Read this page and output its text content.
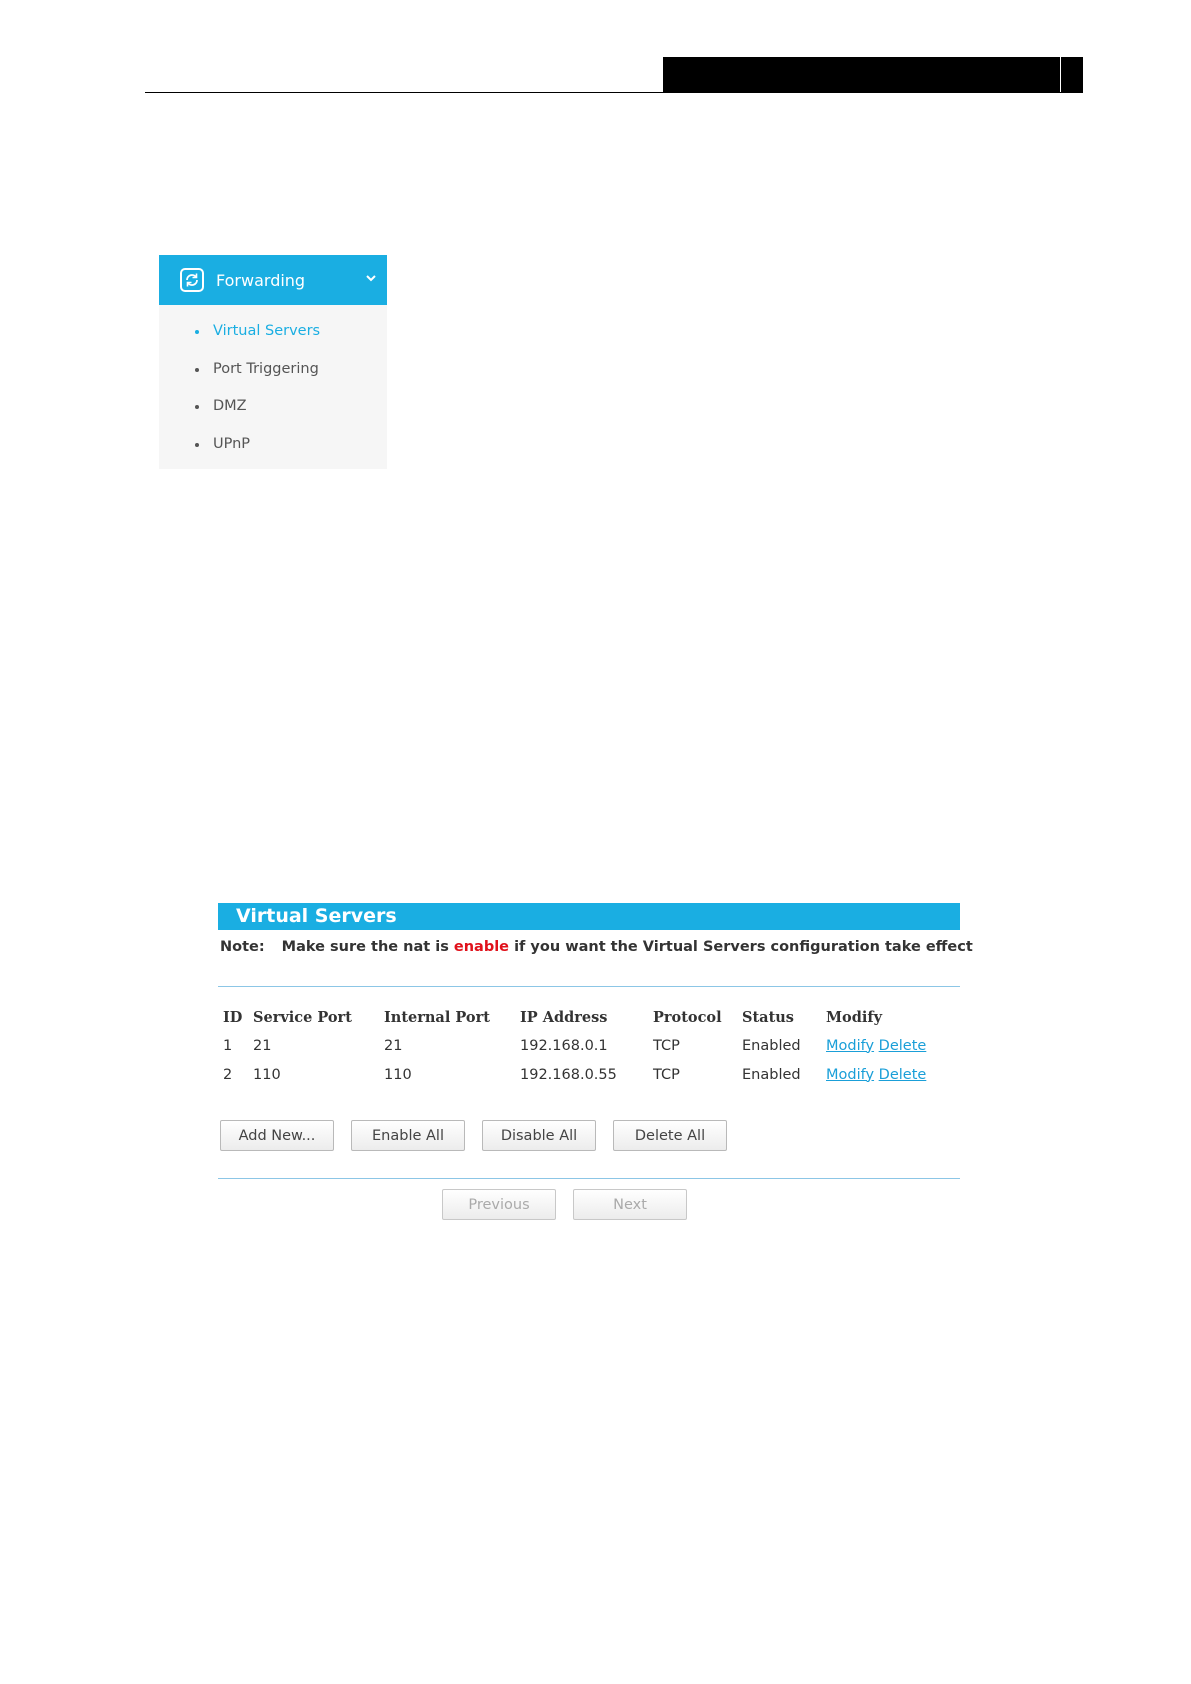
Forwarding
Virtual Servers
Port Triggering
DMZ
UPnP
Virtual Servers
Note: Make sure the nat is enable if you want the Virtual Servers configuration take effect
ID	Service Port	Internal Port	IP Address	Protocol	Status	Modify
1	21	21	192.168.0.1	TCP	Enabled	Modify Delete
2	110	110	192.168.0.55	TCP	Enabled	Modify Delete
Add New...	Enable All	Disable All	Delete All
Previous	Next
